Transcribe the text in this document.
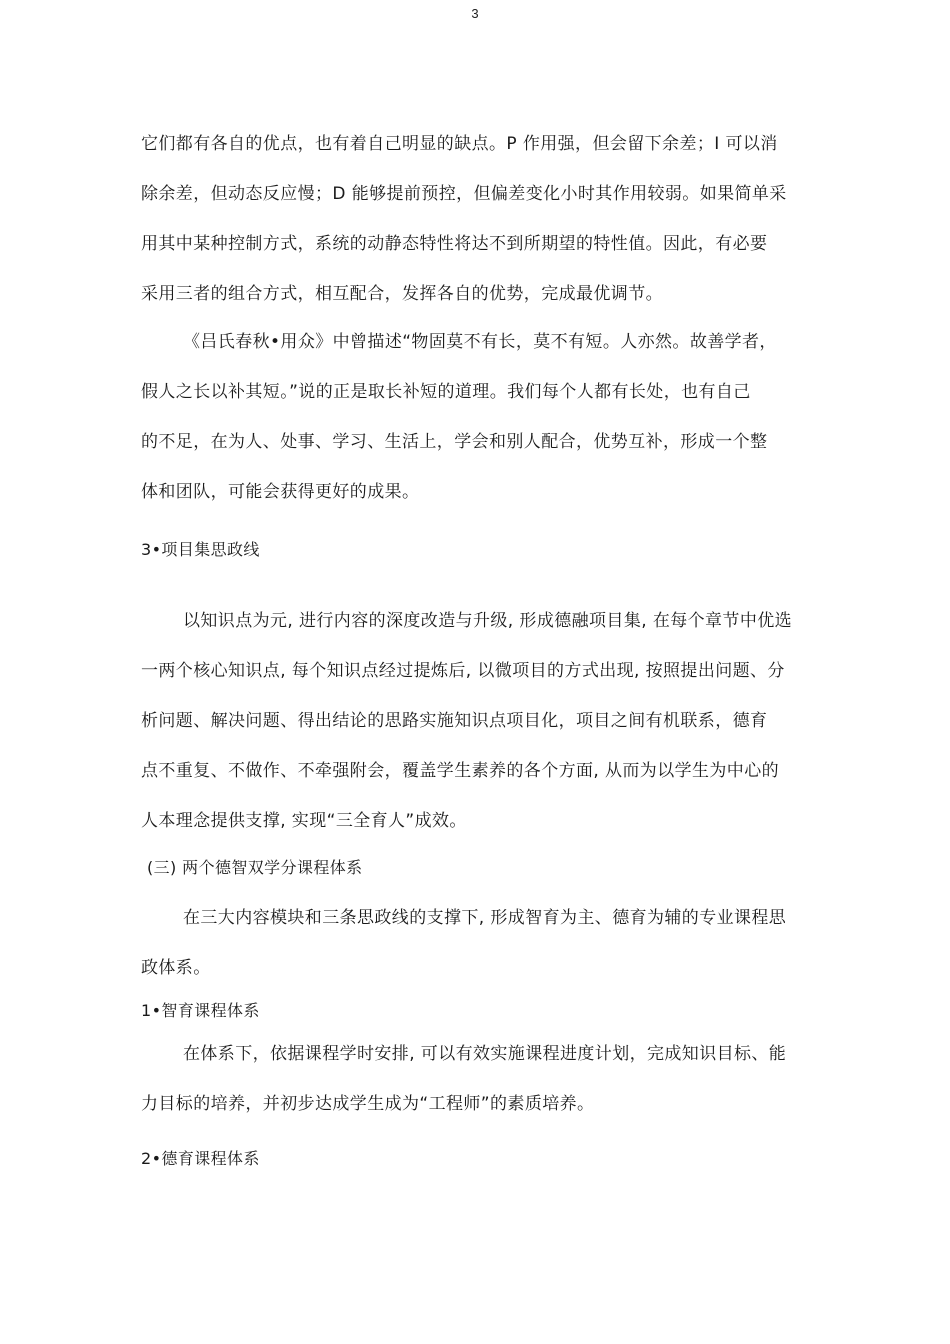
3
它们都有各自的优点，也有着自己明显的缺点。P 作用强，但会留下余差；I 可以消
除余差，但动态反应慢；D 能够提前预控，但偏差变化小时其作用较弱。如果简单采
用其中某种控制方式，系统的动静态特性将达不到所期望的特性值。因此，有必要
采用三者的组合方式，相互配合，发挥各自的优势，完成最优调节。
《吕氏春秋•用众》中曾描述“物固莫不有长，莫不有短。人亦然。故善学者，
假人之长以补其短。”说的正是取长补短的道理。我们每个人都有长处，也有自己
的不足，在为人、处事、学习、生活上，学会和别人配合，优势互补，形成一个整
体和团队，可能会获得更好的成果。
3•项目集思政线
以知识点为元, 进行内容的深度改造与升级, 形成德融项目集, 在每个章节中优选
一两个核心知识点, 每个知识点经过提炼后, 以微项目的方式出现, 按照提出问题、分
析问题、解决问题、得出结论的思路实施知识点项目化，项目之间有机联系，德育
点不重复、不做作、不牵强附会，覆盖学生素养的各个方面, 从而为以学生为中心的
人本理念提供支撑, 实现“三全育人”成效。
(三) 两个德智双学分课程体系
在三大内容模块和三条思政线的支撑下, 形成智育为主、德育为辅的专业课程思
政体系。
1•智育课程体系
在体系下，依据课程学时安排, 可以有效实施课程进度计划，完成知识目标、能
力目标的培养，并初步达成学生成为“工程师”的素质培养。
2•德育课程体系
